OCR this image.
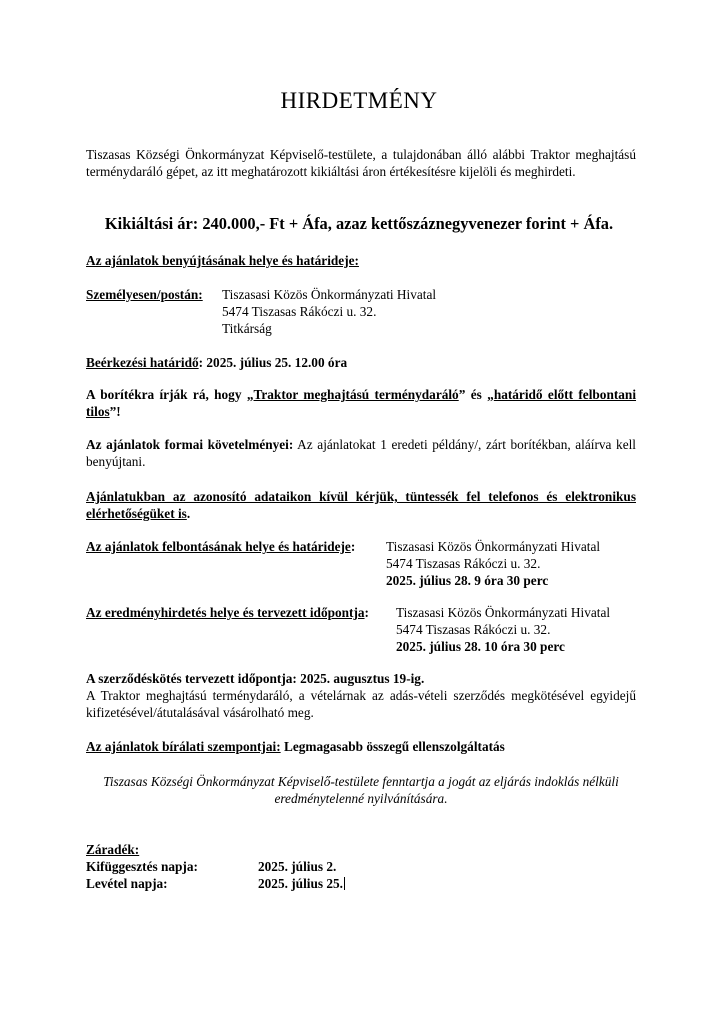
HIRDETMÉNY
Tiszasas Községi Önkormányzat Képviselő-testülete, a tulajdonában álló alábbi Traktor meghajtású terménydaráló gépet, az itt meghatározott kikiáltási áron értékesítésre kijelöli és meghirdeti.
Kikiáltási ár: 240.000,- Ft + Áfa, azaz kettőszáznegyvenezer forint + Áfa.
Az ajánlatok benyújtásának helye és határideje:
Személyesen/postán: Tiszasasi Közös Önkormányzati Hivatal
5474 Tiszasas Rákóczi u. 32.
Titkárság
Beérkezési határidő: 2025. július 25. 12.00 óra
A borítékra írják rá, hogy „Traktor meghajtású terménydaráló” és „határidő előtt felbontani tilos”!
Az ajánlatok formai követelményei: Az ajánlatokat 1 eredeti példány/, zárt borítékban, aláírva kell benyújtani.
Ajánlatukban az azonosító adataikon kívül kérjük, tüntessék fel telefonos és elektronikus elérhetőségüket is.
Az ajánlatok felbontásának helye és határideje: Tiszasasi Közös Önkormányzati Hivatal
5474 Tiszasas Rákóczi u. 32.
2025. július 28. 9 óra 30 perc
Az eredményhirdetés helye és tervezett időpontja: Tiszasasi Közös Önkormányzati Hivatal
5474 Tiszasas Rákóczi u. 32.
2025. július 28. 10 óra 30 perc
A szerződéskötés tervezett időpontja: 2025. augusztus 19-ig.
A Traktor meghajtású terménydaráló, a vételárnak az adás-vételi szerződés megkötésével egyidejű kifizetésével/átutalásával vásárolható meg.
Az ajánlatok bírálati szempontjai: Legmagasabb összegű ellenszolgáltatás
Tiszasas Községi Önkormányzat Képviselő-testülete fenntartja a jogát az eljárás indoklás nélküli eredménytelenné nyilvánítására.
Záradék:
Kifüggesztés napja:	2025. július 2.
Levétel napja:	2025. július 25.
